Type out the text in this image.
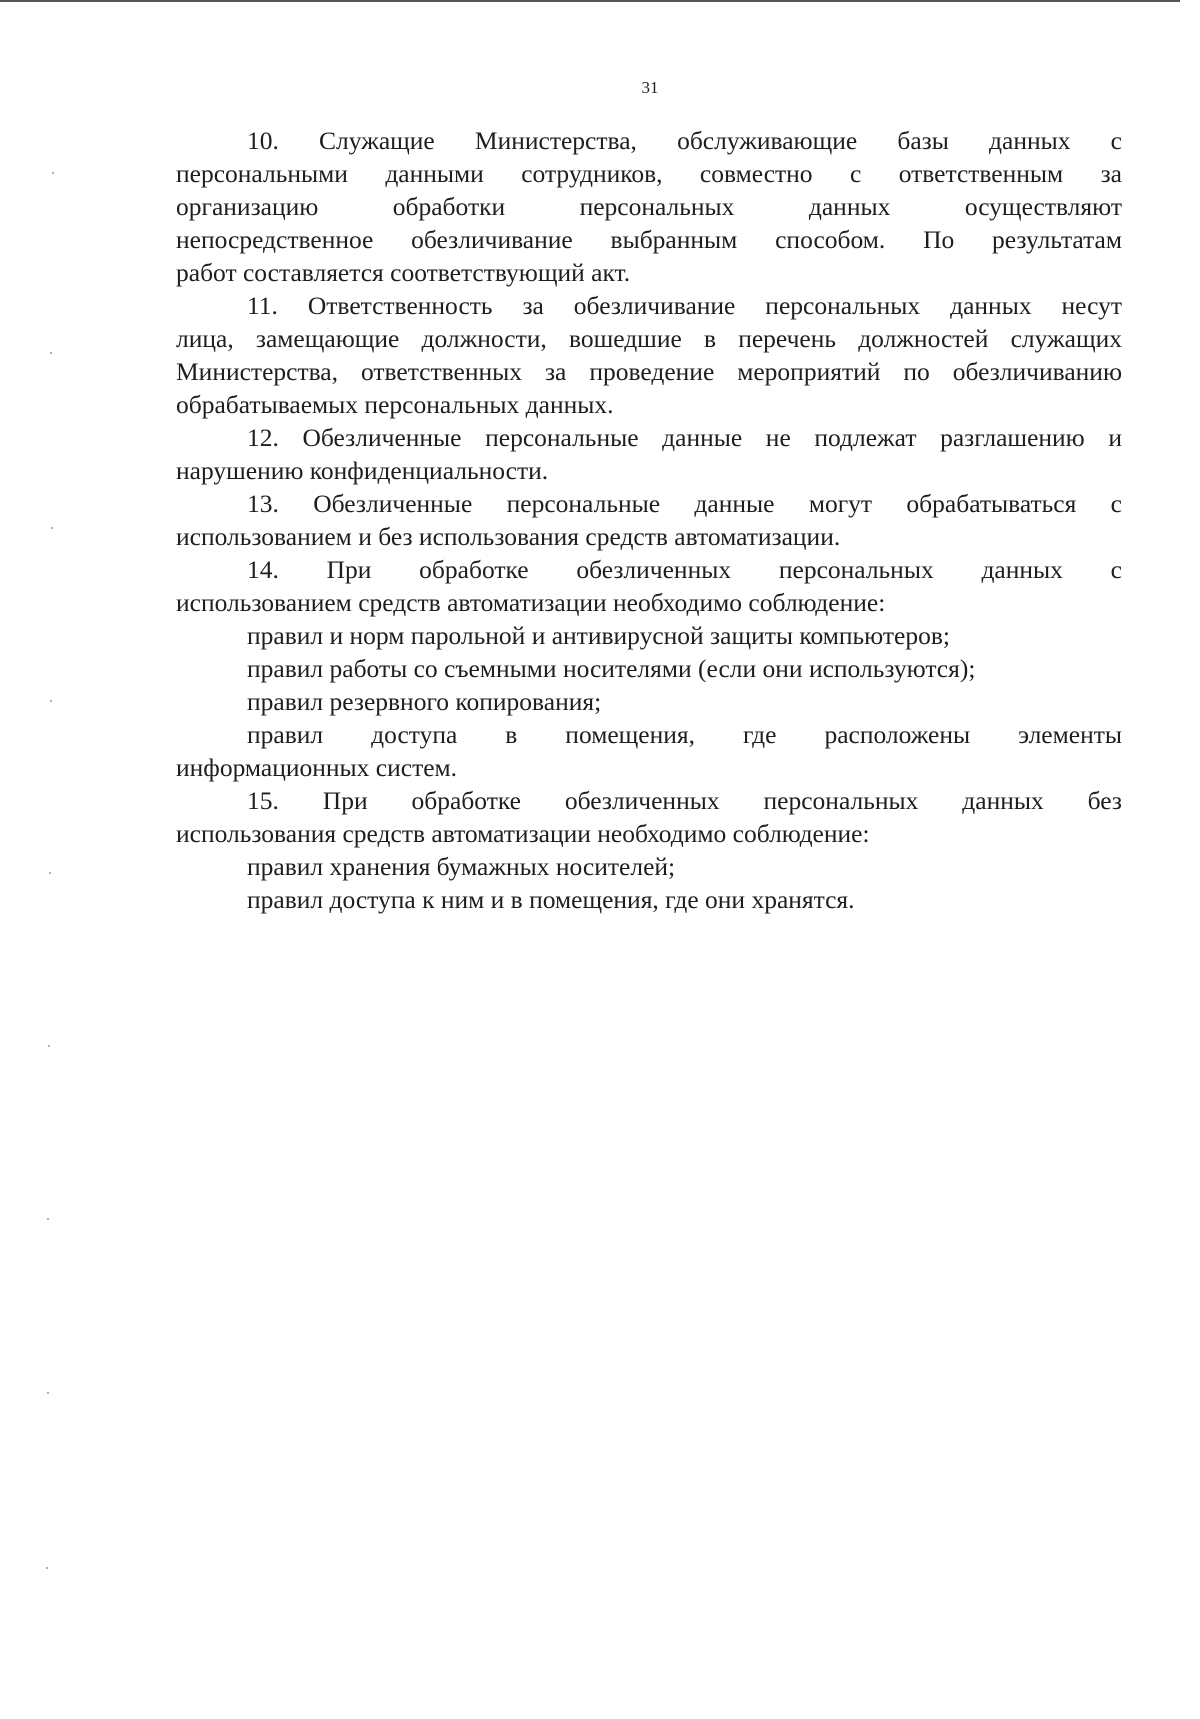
31
10. Служащие Министерства, обслуживающие базы данных с
персональными данными сотрудников, совместно с ответственным за
организацию обработки персональных данных осуществляют
непосредственное обезличивание выбранным способом. По результатам
работ составляется соответствующий акт.
11. Ответственность за обезличивание персональных данных несут
лица, замещающие должности, вошедшие в перечень должностей служащих
Министерства, ответственных за проведение мероприятий по обезличиванию
обрабатываемых персональных данных.
12. Обезличенные персональные данные не подлежат разглашению и
нарушению конфиденциальности.
13. Обезличенные персональные данные могут обрабатываться с
использованием и без использования средств автоматизации.
14. При обработке обезличенных персональных данных с
использованием средств автоматизации необходимо соблюдение:
правил и норм парольной и антивирусной защиты компьютеров;
правил работы со съемными носителями (если они используются);
правил резервного копирования;
правил доступа в помещения, где расположены элементы
информационных систем.
15. При обработке обезличенных персональных данных без
использования средств автоматизации необходимо соблюдение:
правил хранения бумажных носителей;
правил доступа к ним и в помещения, где они хранятся.
